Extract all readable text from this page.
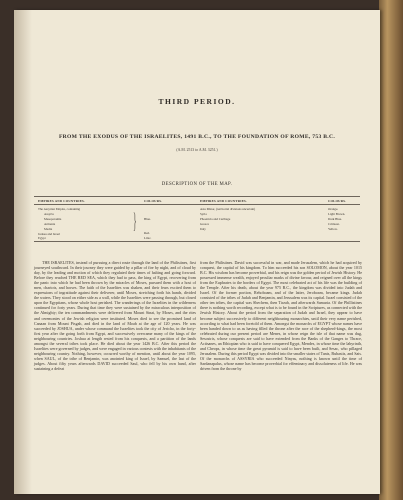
THIRD PERIOD.
FROM THE EXODUS OF THE ISRAELITES, 1491 B.C., TO THE FOUNDATION OF ROME, 753 B.C.
(A.M. 2513 to A.M. 3251.)
DESCRIPTION OF THE MAP.
EMPIRES AND COUNTRIES.	COLOURS.
The Assyrian Empire, containing
Assyria
Mesopotamia
Armenia
Media
Judaea and Israel
Egypt
} Blue.
Red.
Lilac.
EMPIRES AND COUNTRIES.	COLOURS.
Asia Minor, (territorial divisions uncertain)
Syria
Phoenicia and Carthage
Greece
Italy
Orange.
Light Brown.
Dark Blue.
Crimson.
Yellow.

THE ISRAELITES, instead of pursuing a direct route through the land of the Philistines, first journeyed southward. In their journey they were guided by a pillar of fire by night, and of cloud by day, by the leading and motion of which they regulated their times of halting and going forward. Before they reached THE RED SEA, which they had to pass, the king of Egypt, recovering from the panic into which he had been thrown by the miracles of Moses, pursued them with a host of men, chariots, and horses. The faith of the Israelites was shaken, and their fears excited them to expressions of ingratitude against their deliverer, until Moses, stretching forth his hands, divided the waters. They stood on either side as a wall, while the Israelites were passing through, but closed upon the Egyptians, whose whole host perished. The wanderings of the Israelites in the wilderness continued for forty years. During that time they were sustained by the miraculous interposition of the Almighty; the ten commandments were delivered from Mount Sinai, by Moses, and the rites and ceremonies of the Jewish religion were instituted. Moses died to see the promised land of Canaan from Mount Pisgah, and died in the land of Moab at the age of 120 years. He was succeeded by JOSHUA, under whose command the Israelites took the city of Jericho, in the forty-first year after the going forth from Egypt, and successively overcame many of the kings of the neighbouring countries. Joshua at length rested from his conquests, and a partition of the lands amongst the several tribes took place. He died about the year 1426 B.C. After this period the Israelites were governed by judges, and were engaged in various contests with the inhabitants of the neighbouring country. Nothing, however, occurred worthy of mention, until about the year 1095, when SAUL, of the tribe of Benjamin, was anointed king of Israel, by Samuel, the last of the judges. About fifty years afterwards DAVID succeeded Saul, who fell by his own hand, after sustaining a defeat

from the Philistines. David was successful in war, and made Jerusalem, which he had acquired by conquest, the capital of his kingdom. To him succeeded his son SOLOMON, about the year 1015 B.C. His wisdom has become proverbial, and his reign was the golden period of Jewish History. He possessed immense wealth, enjoyed peculiar marks of divine favour, and reigned over all the kings from the Euphrates to the borders of Egypt. The most celebrated act of his life was the building of the Temple. After his death, about the year 975 B.C., the kingdom was divided into Judah and Israel. Of the former portion, Rehoboam, and of the latter, Jeroboam, became kings. Judah consisted of the tribes of Judah and Benjamin, and Jerusalem was its capital. Israel consisted of the other ten tribes, the capital was Shechem, then Tirzah, and afterwards Samaria. Of the Phillistines there is nothing worth recording, except what is to be found in the Scriptures, as connected with the Jewish History. About the period from the separation of Judah and Israel, they appear to have become subject successively to different neighbouring monarchies, until their very name perished, according to what had been foretold of them. Amongst the monarchs of EGYPT whose names have been handed down to us as having filled the throne after the race of the shepherd-kings, the most celebrated during our present period are Menes, in whose reign the isle of that name was dug, Sesostris, whose conquests are said to have extended from the Banks of the Ganges to Thrace, Actisanes, an Ethiopian who is said to have conquered Egypt, Mendes, in whose time the labyrinth, and Cheops, in whose time the great pyramid is said to have been built, and Sesac, who pillaged Jerusalem. During this period Egypt was divided into the smaller states of Tanis, Bubastis, and Sais. Of the monarchs of ASSYRIA who succeeded Ninyas, nothing is known until the time of Sardanapalus, whose name has become proverbial for effeminacy and dissoluteness of life. He was driven from the throne by
